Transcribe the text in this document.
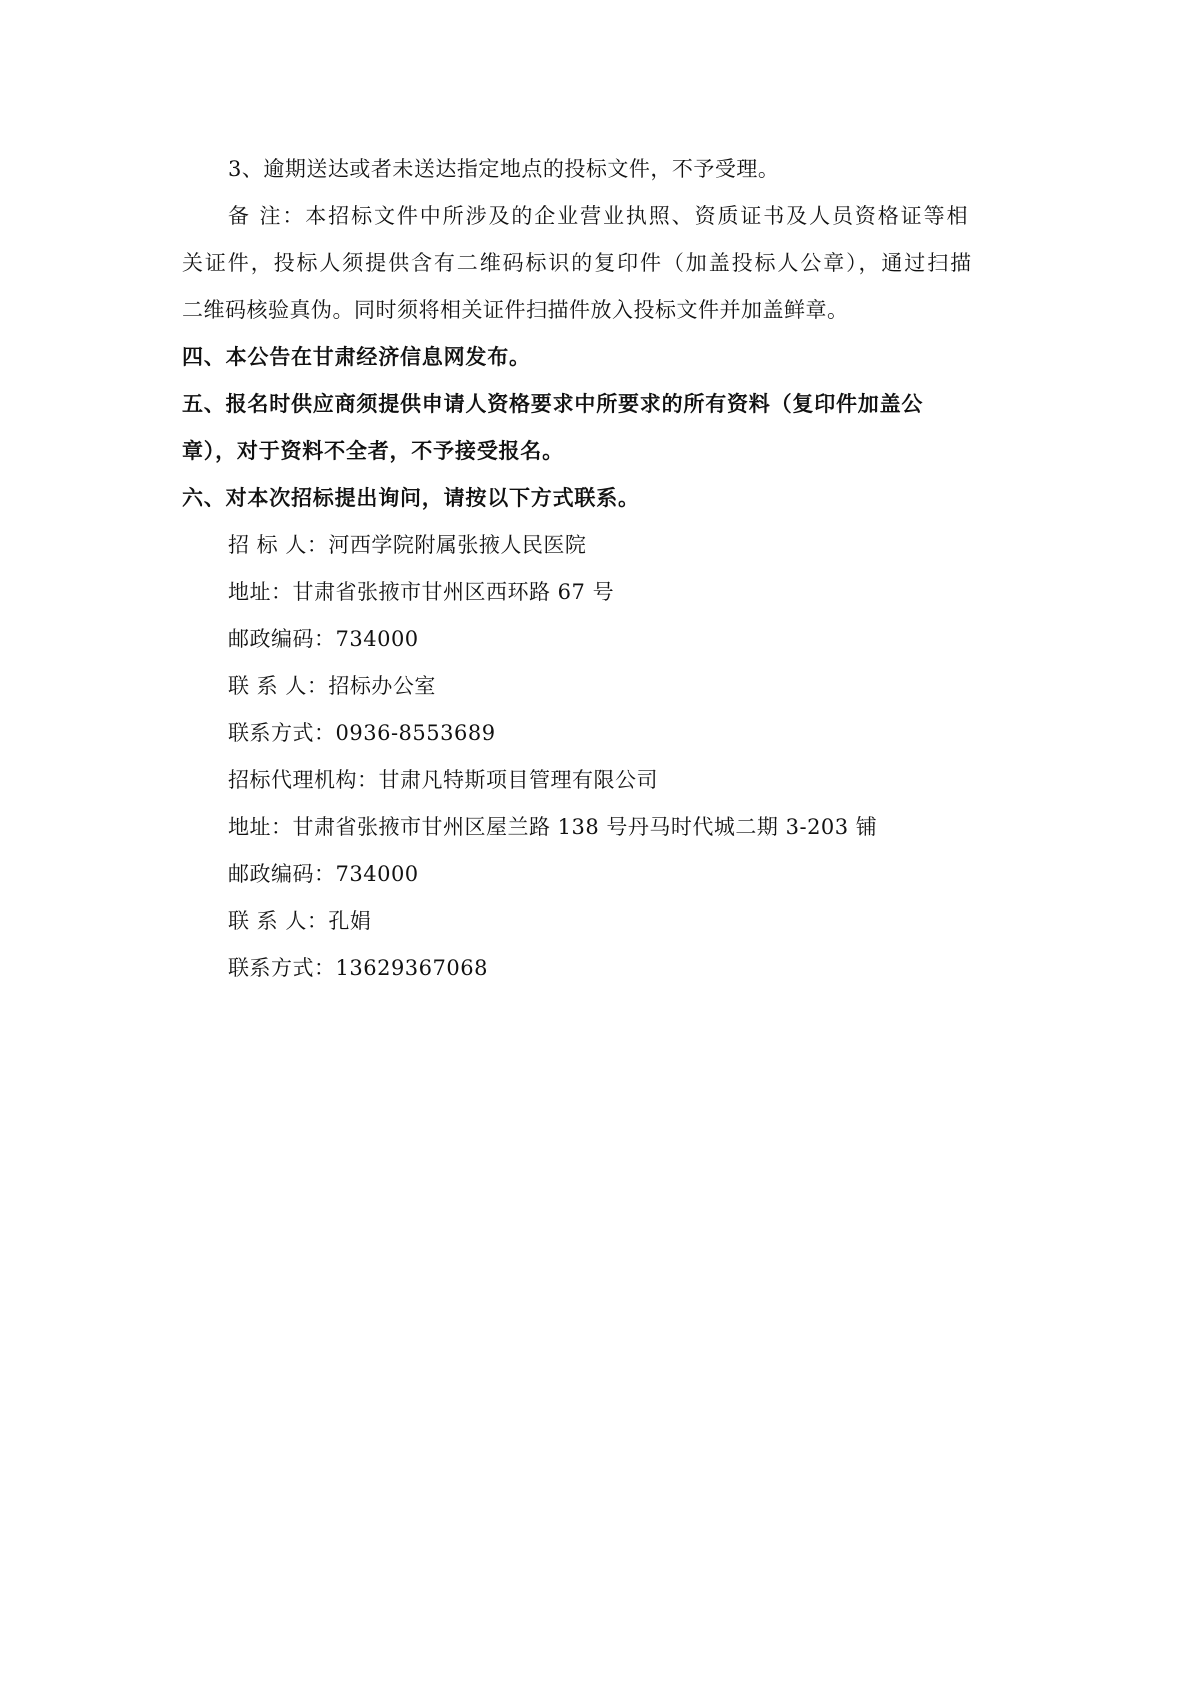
3、逾期送达或者未送达指定地点的投标文件，不予受理。
备 注：本招标文件中所涉及的企业营业执照、资质证书及人员资格证等相
关证件，投标人须提供含有二维码标识的复印件（加盖投标人公章），通过扫描
二维码核验真伪。同时须将相关证件扫描件放入投标文件并加盖鲜章。
四、本公告在甘肃经济信息网发布。
五、报名时供应商须提供申请人资格要求中所要求的所有资料（复印件加盖公
章），对于资料不全者，不予接受报名。
六、对本次招标提出询问，请按以下方式联系。
招 标 人：河西学院附属张掖人民医院
地址：甘肃省张掖市甘州区西环路 67 号
邮政编码：734000
联 系 人：招标办公室
联系方式：0936-8553689
招标代理机构：甘肃凡特斯项目管理有限公司
地址：甘肃省张掖市甘州区屋兰路 138 号丹马时代城二期 3-203 铺
邮政编码：734000
联 系 人：孔娟
联系方式：13629367068
